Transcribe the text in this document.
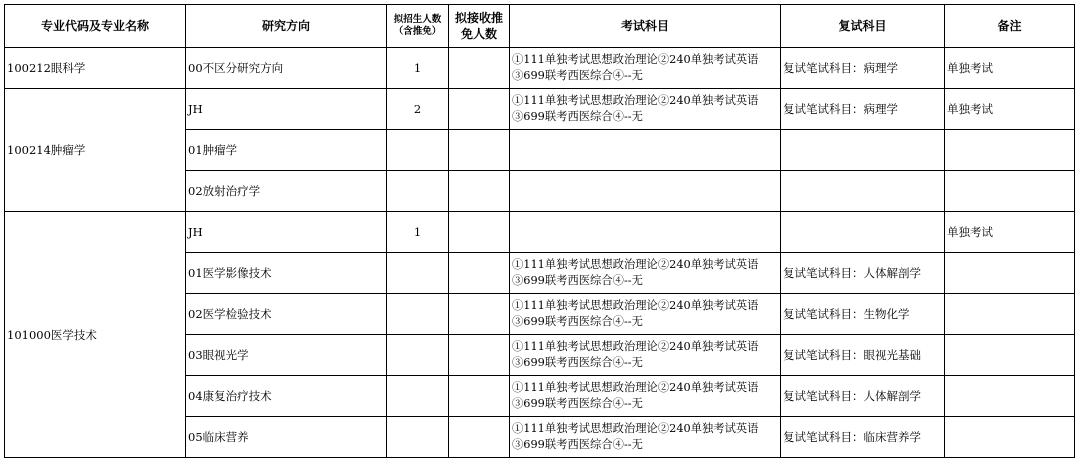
专业代码及专业名称	研究方向	拟招生人数（含推免）	拟接收推免人数	考试科目	复试科目	备注
100212眼科学	00不区分研究方向	1		①111单独考试思想政治理论②240单独考试英语③699联考西医综合④--无	复试笔试科目：病理学	单独考试
100214肿瘤学	JH	2		①111单独考试思想政治理论②240单独考试英语③699联考西医综合④--无	复试笔试科目：病理学	单独考试
	01肿瘤学					
	02放射治疗学					
101000医学技术	JH	1				单独考试
	01医学影像技术			①111单独考试思想政治理论②240单独考试英语③699联考西医综合④--无	复试笔试科目：人体解剖学	
	02医学检验技术			①111单独考试思想政治理论②240单独考试英语③699联考西医综合④--无	复试笔试科目：生物化学	
	03眼视光学			①111单独考试思想政治理论②240单独考试英语③699联考西医综合④--无	复试笔试科目：眼视光基础	
	04康复治疗技术			①111单独考试思想政治理论②240单独考试英语③699联考西医综合④--无	复试笔试科目：人体解剖学	
	05临床营养			①111单独考试思想政治理论②240单独考试英语③699联考西医综合④--无	复试笔试科目：临床营养学	
